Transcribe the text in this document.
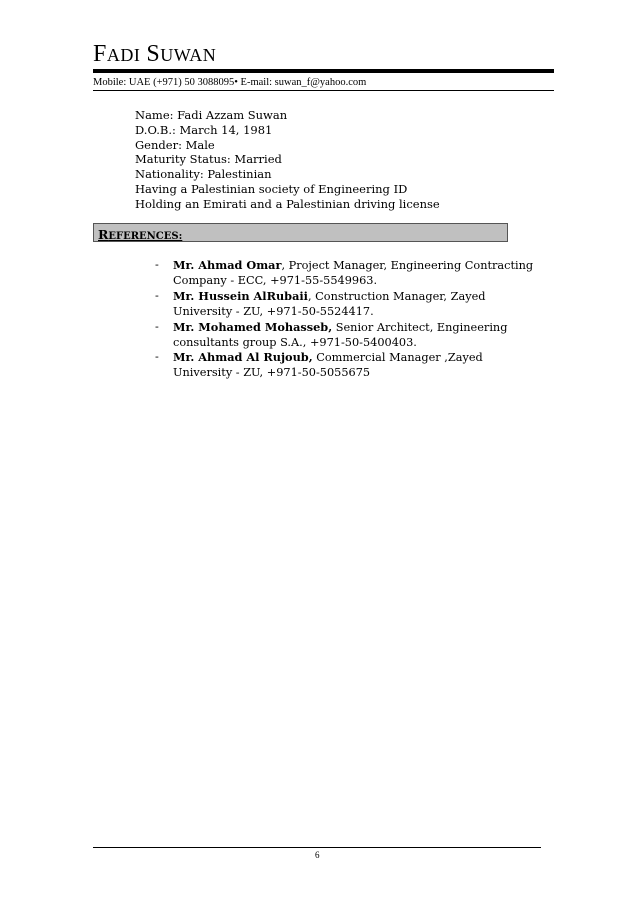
FADI SUWAN
Mobile: UAE (+971) 50 3088095• E-mail: suwan_f@yahoo.com
Name: Fadi Azzam Suwan
D.O.B.: March 14, 1981
Gender: Male
Maturity Status: Married
Nationality: Palestinian
Having a Palestinian society of Engineering ID
Holding an Emirati and a Palestinian driving license
REFERENCES:
- Mr. Ahmad Omar, Project Manager, Engineering Contracting Company - ECC, +971-55-5549963.
- Mr. Hussein AlRubaii, Construction Manager, Zayed University - ZU, +971-50-5524417.
- Mr. Mohamed Mohasseb, Senior Architect, Engineering consultants group S.A., +971-50-5400403.
- Mr. Ahmad Al Rujoub, Commercial Manager ,Zayed University - ZU, +971-50-5055675
6
